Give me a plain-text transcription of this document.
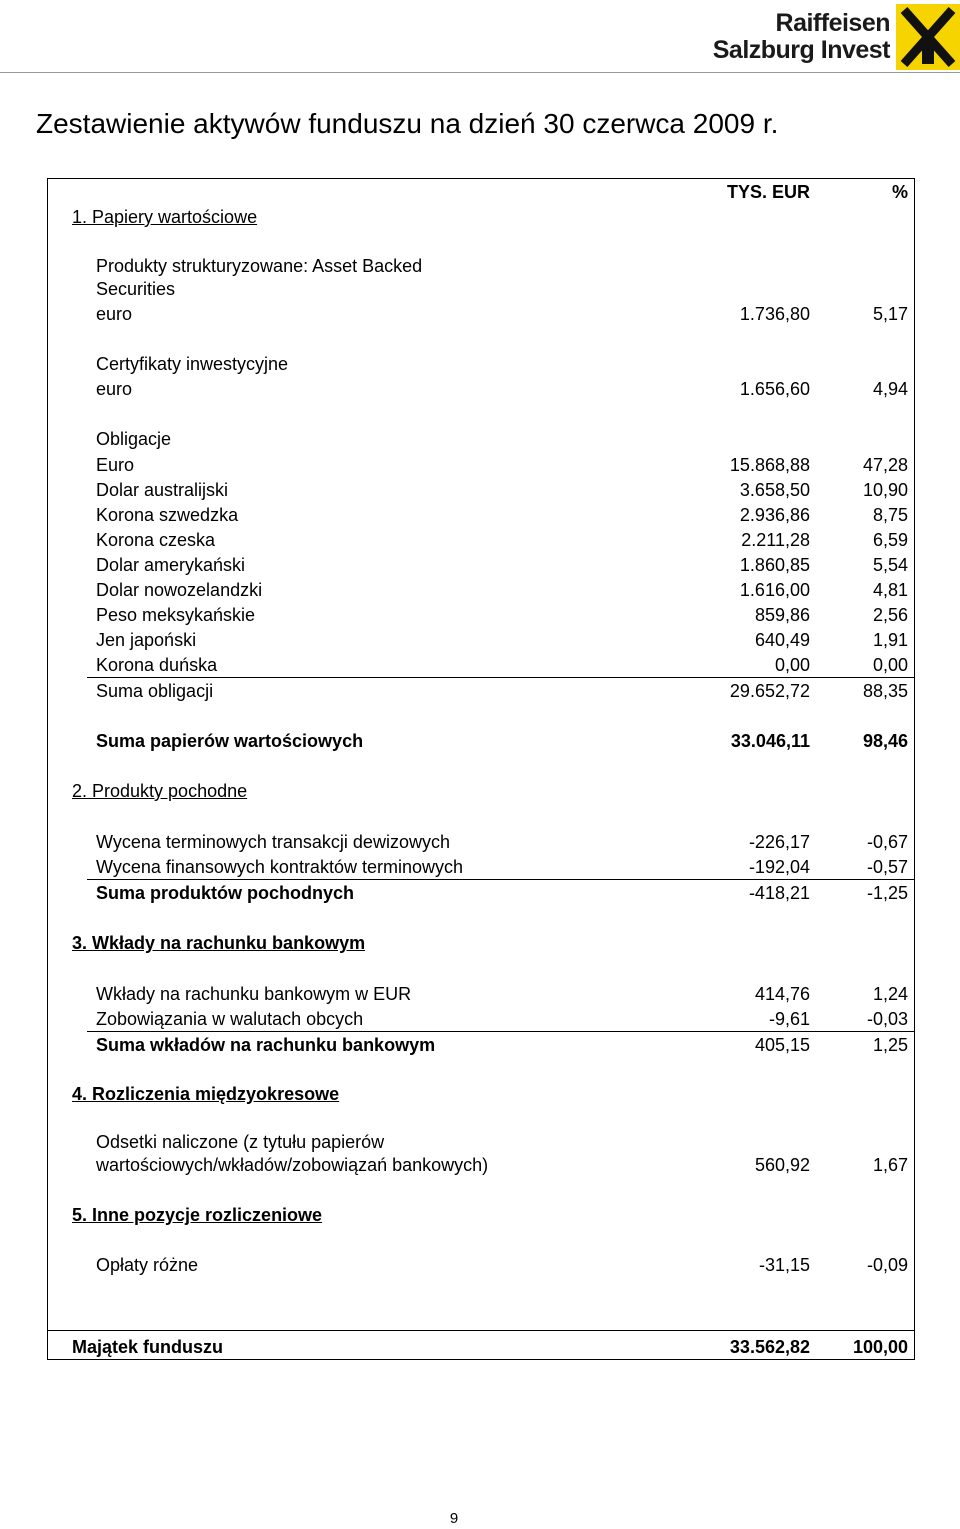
Raiffeisen
Salzburg Invest
Zestawienie aktywów funduszu na dzień 30 czerwca 2009 r.
TYS. EUR	%
1. Papiery wartościowe
Produkty strukturyzowane: Asset Backed
Securities
euro	1.736,80	5,17
Certyfikaty inwestycyjne
euro	1.656,60	4,94
Obligacje
Euro	15.868,88	47,28
Dolar australijski	3.658,50	10,90
Korona szwedzka	2.936,86	8,75
Korona czeska	2.211,28	6,59
Dolar amerykański	1.860,85	5,54
Dolar nowozelandzki	1.616,00	4,81
Peso meksykańskie	859,86	2,56
Jen japoński	640,49	1,91
Korona duńska	0,00	0,00
Suma obligacji	29.652,72	88,35
Suma papierów wartościowych	33.046,11	98,46
2. Produkty pochodne
Wycena terminowych transakcji dewizowych	-226,17	-0,67
Wycena finansowych kontraktów terminowych	-192,04	-0,57
Suma produktów pochodnych	-418,21	-1,25
3. Wkłady na rachunku bankowym
Wkłady na rachunku bankowym w EUR	414,76	1,24
Zobowiązania w walutach obcych	-9,61	-0,03
Suma wkładów na rachunku bankowym	405,15	1,25
4. Rozliczenia międzyokresowe
Odsetki naliczone (z tytułu papierów
wartościowych/wkładów/zobowiązań bankowych)	560,92	1,67
5. Inne pozycje rozliczeniowe
Opłaty różne	-31,15	-0,09
Majątek funduszu	33.562,82 100,00
9
